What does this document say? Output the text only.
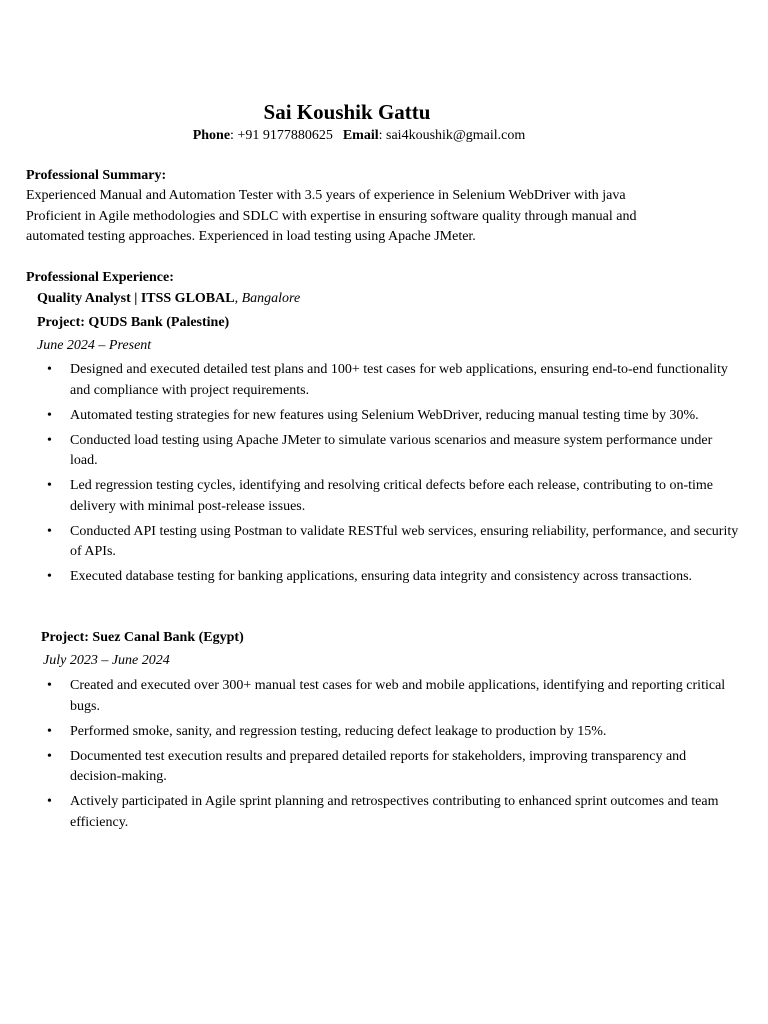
Sai Koushik Gattu
Phone: +91 9177880625 Email: sai4koushik@gmail.com
Professional Summary:
Experienced Manual and Automation Tester with 3.5 years of experience in Selenium WebDriver with java
Proficient in Agile methodologies and SDLC with expertise in ensuring software quality through manual and
automated testing approaches. Experienced in load testing using Apache JMeter.
Professional Experience:
Quality Analyst | ITSS GLOBAL, Bangalore
Project: QUDS Bank (Palestine)
June 2024 – Present
• Designed and executed detailed test plans and 100+ test cases for web applications, ensuring end-to-end functionality and compliance with project requirements.
• Automated testing strategies for new features using Selenium WebDriver, reducing manual testing time by 30%.
• Conducted load testing using Apache JMeter to simulate various scenarios and measure system performance under load.
• Led regression testing cycles, identifying and resolving critical defects before each release, contributing to on-time delivery with minimal post-release issues.
• Conducted API testing using Postman to validate RESTful web services, ensuring reliability, performance, and security of APIs.
• Executed database testing for banking applications, ensuring data integrity and consistency across transactions.
Project: Suez Canal Bank (Egypt)
July 2023 – June 2024
• Created and executed over 300+ manual test cases for web and mobile applications, identifying and reporting critical bugs.
• Performed smoke, sanity, and regression testing, reducing defect leakage to production by 15%.
• Documented test execution results and prepared detailed reports for stakeholders, improving transparency and decision-making.
• Actively participated in Agile sprint planning and retrospectives contributing to enhanced sprint outcomes and team efficiency.
